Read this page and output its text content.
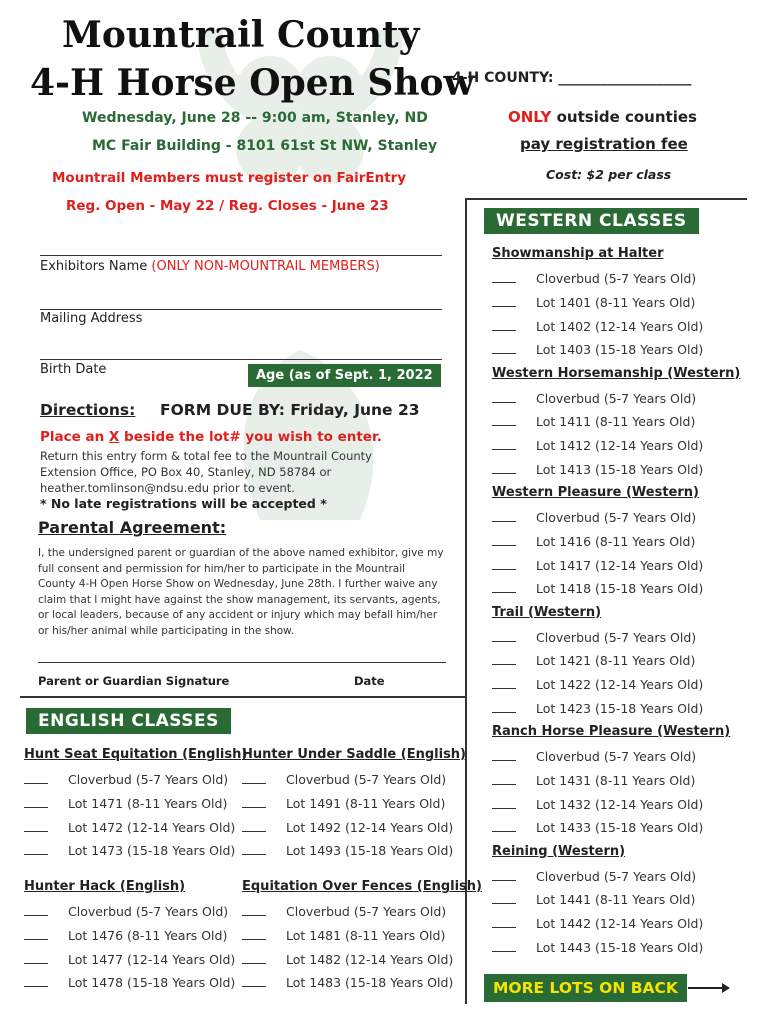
Mountrail County
4-H Horse Open Show
4-H COUNTY: ___________________
Wednesday, June 28 -- 9:00 am, Stanley, ND
MC Fair Building - 8101 61st St NW, Stanley
Mountrail Members must register on FairEntry
Reg. Open - May 22 / Reg. Closes - June 23
ONLY outside counties
pay registration fee
Cost: $2 per class
Exhibitors Name (ONLY NON-MOUNTRAIL MEMBERS)
Mailing Address
Birth Date	Age (as of Sept. 1, 2022
Directions: FORM DUE BY: Friday, June 23
Place an X beside the lot# you wish to enter.
Return this entry form & total fee to the Mountrail County Extension Office, PO Box 40, Stanley, ND 58784 or heather.tomlinson@ndsu.edu prior to event.
* No late registrations will be accepted *
Parental Agreement:
I, the undersigned parent or guardian of the above named exhibitor, give my full consent and permission for him/her to participate in the Mountrail County 4-H Open Horse Show on Wednesday, June 28th. I further waive any claim that I might have against the show management, its servants, agents, or local leaders, because of any accident or injury which may befall him/her or his/her animal while participating in the show.
Parent or Guardian Signature	Date
WESTERN CLASSES
ENGLISH CLASSES
Showmanship at Halter
Cloverbud (5-7 Years Old)
Lot 1401 (8-11 Years Old)
Lot 1402 (12-14 Years Old)
Lot 1403 (15-18 Years Old)
Western Horsemanship (Western)
Cloverbud (5-7 Years Old)
Lot 1411 (8-11 Years Old)
Lot 1412 (12-14 Years Old)
Lot 1413 (15-18 Years Old)
Western Pleasure (Western)
Cloverbud (5-7 Years Old)
Lot 1416 (8-11 Years Old)
Lot 1417 (12-14 Years Old)
Lot 1418 (15-18 Years Old)
Trail (Western)
Cloverbud (5-7 Years Old)
Lot 1421 (8-11 Years Old)
Lot 1422 (12-14 Years Old)
Lot 1423 (15-18 Years Old)
Ranch Horse Pleasure (Western)
Cloverbud (5-7 Years Old)
Lot 1431 (8-11 Years Old)
Lot 1432 (12-14 Years Old)
Lot 1433 (15-18 Years Old)
Reining (Western)
Cloverbud (5-7 Years Old)
Lot 1441 (8-11 Years Old)
Lot 1442 (12-14 Years Old)
Lot 1443 (15-18 Years Old)
Hunt Seat Equitation (English)
Cloverbud (5-7 Years Old)
Lot 1471 (8-11 Years Old)
Lot 1472 (12-14 Years Old)
Lot 1473 (15-18 Years Old)
Hunter Under Saddle (English)
Cloverbud (5-7 Years Old)
Lot 1491 (8-11 Years Old)
Lot 1492 (12-14 Years Old)
Lot 1493 (15-18 Years Old)
Hunter Hack (English)
Cloverbud (5-7 Years Old)
Lot 1476 (8-11 Years Old)
Lot 1477 (12-14 Years Old)
Lot 1478 (15-18 Years Old)
Equitation Over Fences (English)
Cloverbud (5-7 Years Old)
Lot 1481 (8-11 Years Old)
Lot 1482 (12-14 Years Old)
Lot 1483 (15-18 Years Old)	MORE LOTS ON BACK
